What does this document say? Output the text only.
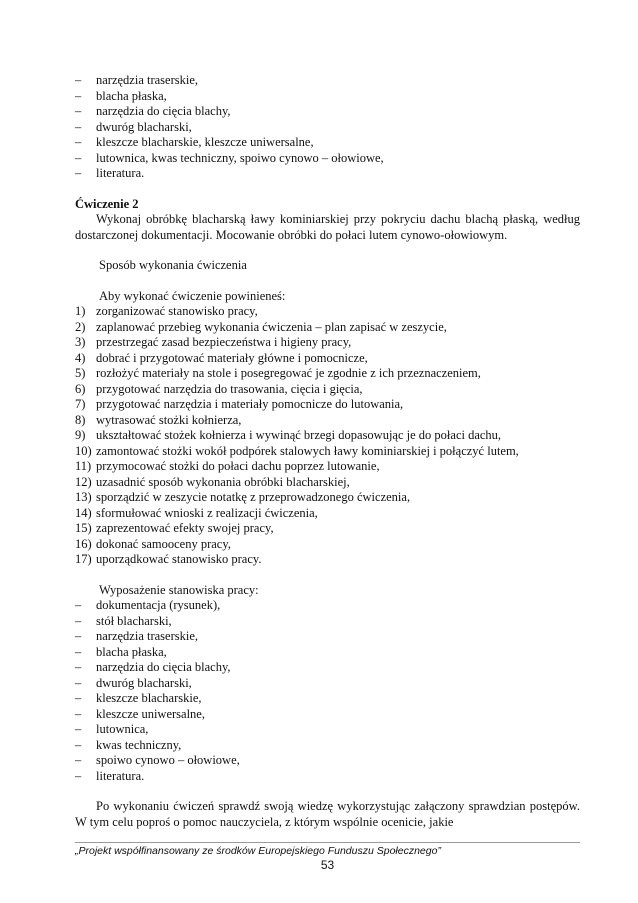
– narzędzia traserskie,
– blacha płaska,
– narzędzia do cięcia blachy,
– dwuróg blacharski,
– kleszcze blacharskie, kleszcze uniwersalne,
– lutownica, kwas techniczny, spoiwo cynowo – ołowiowe,
– literatura.
Ćwiczenie 2
Wykonaj obróbkę blacharską ławy kominiarskiej przy pokryciu dachu blachą płaską, według dostarczonej dokumentacji. Mocowanie obróbki do połaci lutem cynowo-ołowiowym.
Sposób wykonania ćwiczenia
Aby wykonać ćwiczenie powinieneś:
1) zorganizować stanowisko pracy,
2) zaplanować przebieg wykonania ćwiczenia – plan zapisać w zeszycie,
3) przestrzegać zasad bezpieczeństwa i higieny pracy,
4) dobrać i przygotować materiały główne i pomocnicze,
5) rozłożyć materiały na stole i posegregować je zgodnie z ich przeznaczeniem,
6) przygotować narzędzia do trasowania, cięcia i gięcia,
7) przygotować narzędzia i materiały pomocnicze do lutowania,
8) wytrasować stożki kołnierza,
9) ukształtować stożek kołnierza i wywinąć brzegi dopasowując je do połaci dachu,
10) zamontować stożki wokół podpórek stalowych ławy kominiarskiej i połączyć lutem,
11) przymocować stożki do połaci dachu poprzez lutowanie,
12) uzasadnić sposób wykonania obróbki blacharskiej,
13) sporządzić w zeszycie notatkę z przeprowadzonego ćwiczenia,
14) sformułować wnioski z realizacji ćwiczenia,
15) zaprezentować efekty swojej pracy,
16) dokonać samooceny pracy,
17) uporządkować stanowisko pracy.
Wyposażenie stanowiska pracy:
– dokumentacja (rysunek),
– stół blacharski,
– narzędzia traserskie,
– blacha płaska,
– narzędzia do cięcia blachy,
– dwuróg blacharski,
– kleszcze blacharskie,
– kleszcze uniwersalne,
– lutownica,
– kwas techniczny,
– spoiwo cynowo – ołowiowe,
– literatura.
Po wykonaniu ćwiczeń sprawdź swoją wiedzę wykorzystując załączony sprawdzian postępów. W tym celu poproś o pomoc nauczyciela, z którym wspólnie ocenicie, jakie
„Projekt współfinansowany ze środków Europejskiego Funduszu Społecznego”
53
